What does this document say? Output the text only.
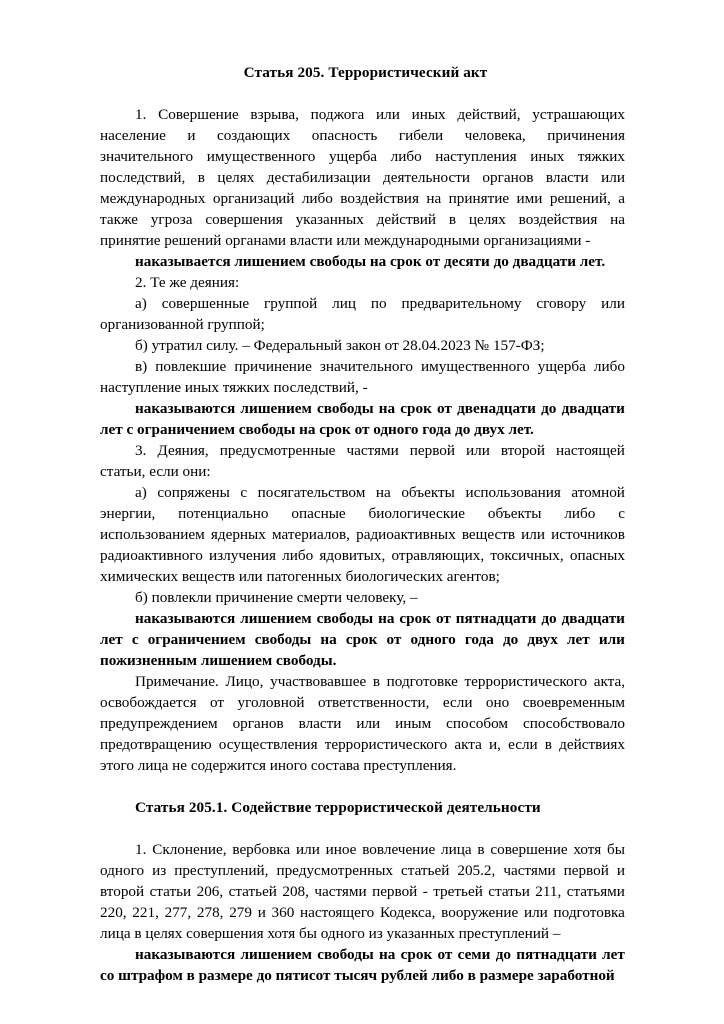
Статья 205. Террористический акт
1. Совершение взрыва, поджога или иных действий, устрашающих
население и создающих опасность гибели человека, причинения
значительного имущественного ущерба либо наступления иных тяжких
последствий, в целях дестабилизации деятельности органов власти или
международных организаций либо воздействия на принятие ими решений, а
также угроза совершения указанных действий в целях воздействия на
принятие решений органами власти или международными организациями -
наказывается лишением свободы на срок от десяти до двадцати лет.
2. Те же деяния:
а) совершенные группой лиц по предварительному сговору или
организованной группой;
б) утратил силу. – Федеральный закон от 28.04.2023 № 157-ФЗ;
в) повлекшие причинение значительного имущественного ущерба либо
наступление иных тяжких последствий, -
наказываются лишением свободы на срок от двенадцати до двадцати
лет с ограничением свободы на срок от одного года до двух лет.
3. Деяния, предусмотренные частями первой или второй настоящей
статьи, если они:
а) сопряжены с посягательством на объекты использования атомной
энергии, потенциально опасные биологические объекты либо с
использованием ядерных материалов, радиоактивных веществ или источников
радиоактивного излучения либо ядовитых, отравляющих, токсичных, опасных
химических веществ или патогенных биологических агентов;
б) повлекли причинение смерти человеку, –
наказываются лишением свободы на срок от пятнадцати до двадцати
лет с ограничением свободы на срок от одного года до двух лет или
пожизненным лишением свободы.
Примечание. Лицо, участвовавшее в подготовке террористического акта,
освобождается от уголовной ответственности, если оно своевременным
предупреждением органов власти или иным способом способствовало
предотвращению осуществления террористического акта и, если в действиях
этого лица не содержится иного состава преступления.
Статья 205.1. Содействие террористической деятельности
1. Склонение, вербовка или иное вовлечение лица в совершение хотя бы
одного из преступлений, предусмотренных статьей 205.2, частями первой и
второй статьи 206, статьей 208, частями первой - третьей статьи 211, статьями
220, 221, 277, 278, 279 и 360 настоящего Кодекса, вооружение или подготовка
лица в целях совершения хотя бы одного из указанных преступлений –
наказываются лишением свободы на срок от семи до пятнадцати лет
со штрафом в размере до пятисот тысяч рублей либо в размере заработной
